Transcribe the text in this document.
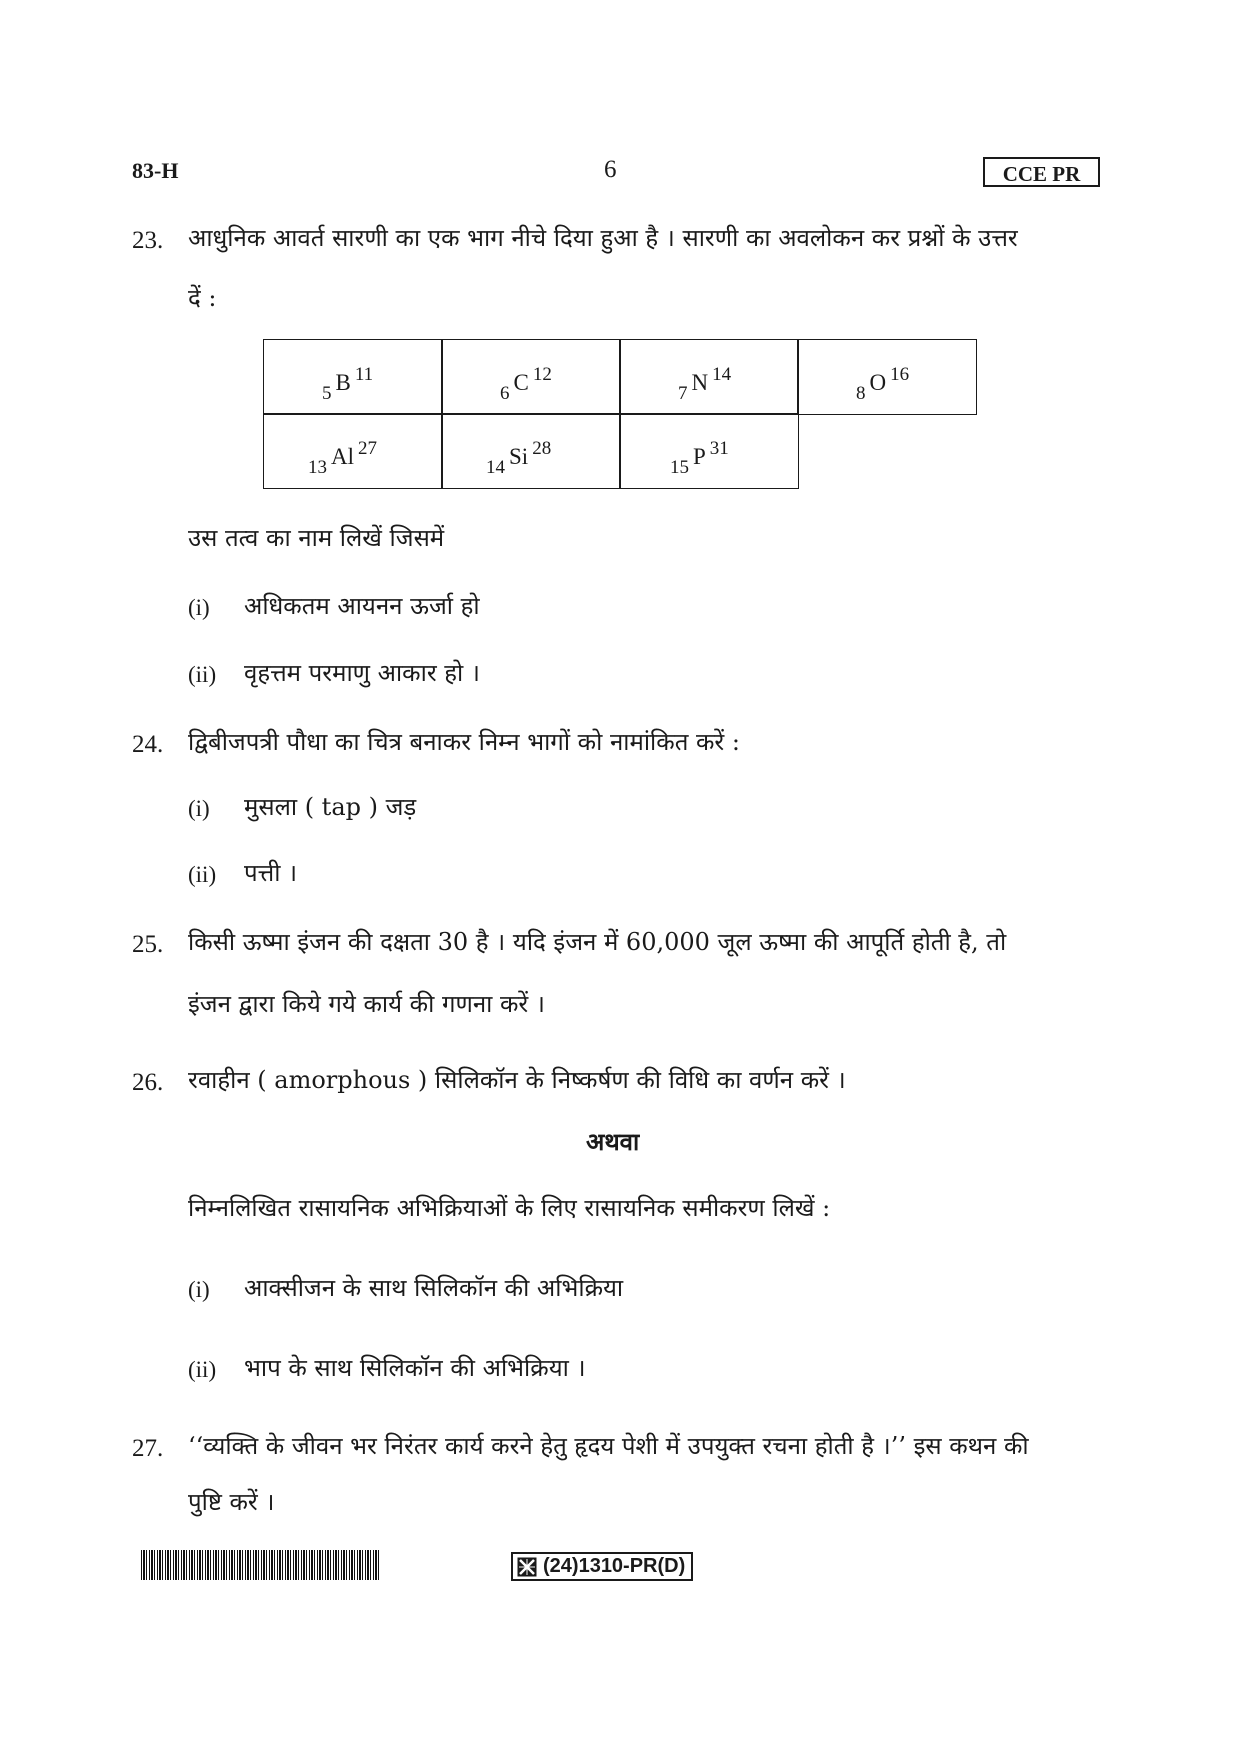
83-H	6	CCE PR
23. आधुनिक आवर्त सारणी का एक भाग नीचे दिया हुआ है । सारणी का अवलोकन कर प्रश्नों के उत्तर
दें :
$_5$ B $^{11}$
$_6$ C $^{12}$
$_7$ N $^{14}$
$_8$ O $^{16}$
$_{13}$ Al $^{27}$
$_{14}$ Si $^{28}$
$_{15}$ P $^{31}$
उस तत्व का नाम लिखें जिसमें
(i) अधिकतम आयनन ऊर्जा हो
(ii) वृहत्तम परमाणु आकार हो ।
24. द्विबीजपत्री पौधा का चित्र बनाकर निम्न भागों को नामांकित करें :
(i) मुसला ( tap ) जड़
(ii) पत्ती ।
25. किसी ऊष्मा इंजन की दक्षता 30 है । यदि इंजन में 60,000 जूल ऊष्मा की आपूर्ति होती है, तो
इंजन द्वारा किये गये कार्य की गणना करें ।
26. रवाहीन ( amorphous ) सिलिकॉन के निष्कर्षण की विधि का वर्णन करें ।
अथवा
निम्नलिखित रासायनिक अभिक्रियाओं के लिए रासायनिक समीकरण लिखें :
(i) आक्सीजन के साथ सिलिकॉन की अभिक्रिया
(ii) भाप के साथ सिलिकॉन की अभिक्रिया ।
27. ‘‘व्यक्ति के जीवन भर निरंतर कार्य करने हेतु हृदय पेशी में उपयुक्त रचना होती है ।’’ इस कथन की
पुष्टि करें ।
(24)1310-PR(D)
